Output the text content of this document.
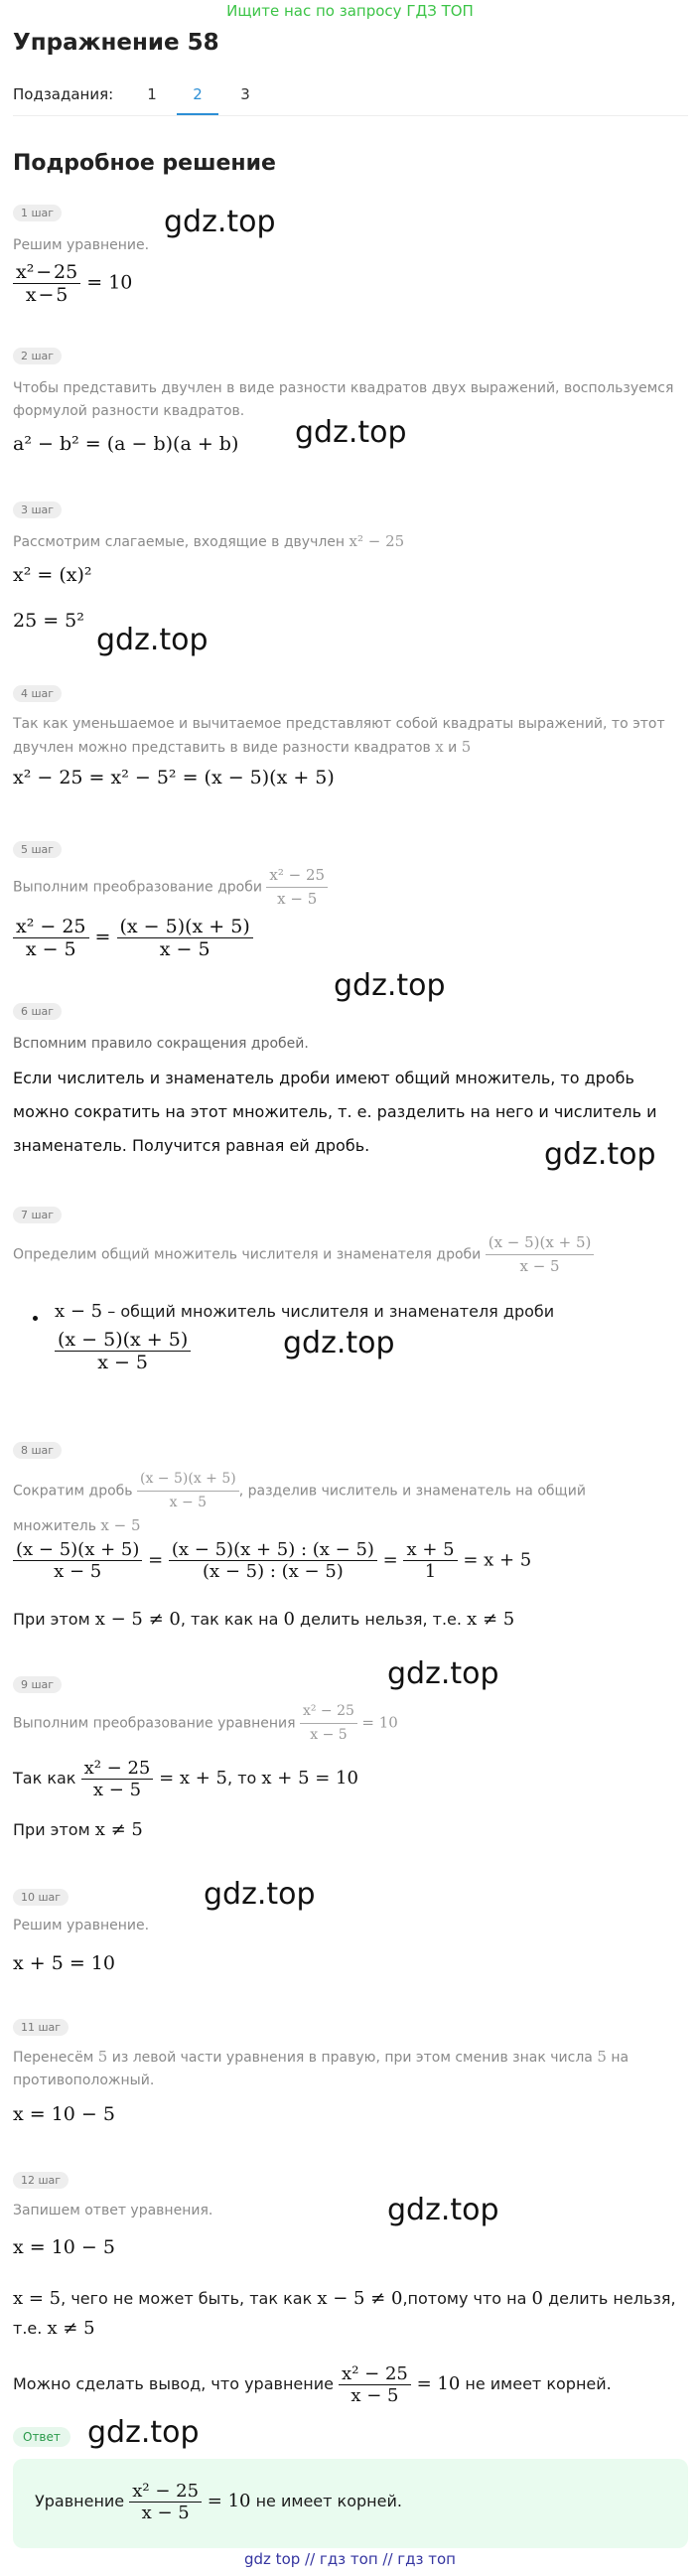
Ищите нас по запросу ГДЗ ТОП
Упражнение 58
Подзадания:	1	2	3
Подробное решение
1 шаг	gdz.top
Решим уравнение.
$\frac{\text{x² − 25}}{x - 5} = 10$
2 шаг
Чтобы представить двучлен в виде разности квадратов двух выражений, воспользуемся формулой разности квадратов.
a² − b² = (a − b)(a + b) gdz.top
3 шаг
Рассмотрим слагаемые, входящие в двучлен x² − 25
x² = (x)²
25 = 5²
gdz.top
4 шаг
Так как уменьшаемое и вычитаемое представляют собой квадраты выражений, то этот двучлен можно представить в виде разности квадратов x и 5
x² − 25 = x² − 5² = (x − 5)(x + 5)
5 шаг
Выполним преобразование дроби $\frac{\text{x² − 25}}{x - 5}$
$\frac{\text{x² − 25}}{x - 5} = \frac{(x - 5)(x + 5)}{x - 5}$
gdz.top
6 шаг
Вспомним правило сокращения дробей.
Если числитель и знаменатель дроби имеют общий множитель, то дробь можно сократить на этот множитель, т. е. разделить на него и числитель и знаменатель. Получится равная ей дробь.	gdz.top
7 шаг
Определим общий множитель числителя и знаменателя дроби $\frac{(x - 5)(x + 5)}{x - 5}$
x − 5 – общий множитель числителя и знаменателя дроби
$\frac{(x - 5)(x + 5)}{x - 5}$	gdz.top
8 шаг
Сократим дробь $\frac{(x - 5)(x + 5)}{x - 5}$ , разделив числитель и знаменатель на общий множитель x − 5
$\frac{(x - 5)(x + 5)}{x - 5} = \frac{(x - 5)(x + 5) : (x - 5)}{(x - 5) : (x - 5)} = \frac{x + 5}{1} = x + 5$
При этом x − 5 ≠ 0, так как на 0 делить нельзя, т.е. x ≠ 5
gdz.top
9 шаг
Выполним преобразование уравнения $\frac{\text{x² − 25}}{x - 5} = 10$
Так как $\frac{\text{x² − 25}}{x - 5} = x + 5$, то x + 5 = 10
При этом x ≠ 5
gdz.top
10 шаг
Решим уравнение.
x + 5 = 10
11 шаг
Перенесём 5 из левой части уравнения в правую, при этом сменив знак числа 5 на противоположный.
x = 10 − 5
12 шаг
gdz.top
Запишем ответ уравнения.
x = 10 − 5
x = 5, чего не может быть, так как x − 5 ≠ 0,потому что на 0 делить нельзя,
т.е. x ≠ 5
Можно сделать вывод, что уравнение $\frac{\text{x² − 25}}{x - 5} = 10$ не имеет корней.
gdz.top
Ответ
Уравнение $\frac{\text{x² − 25}}{x - 5} = 10$ не имеет корней.
gdz top // гдз топ // гдз топ
